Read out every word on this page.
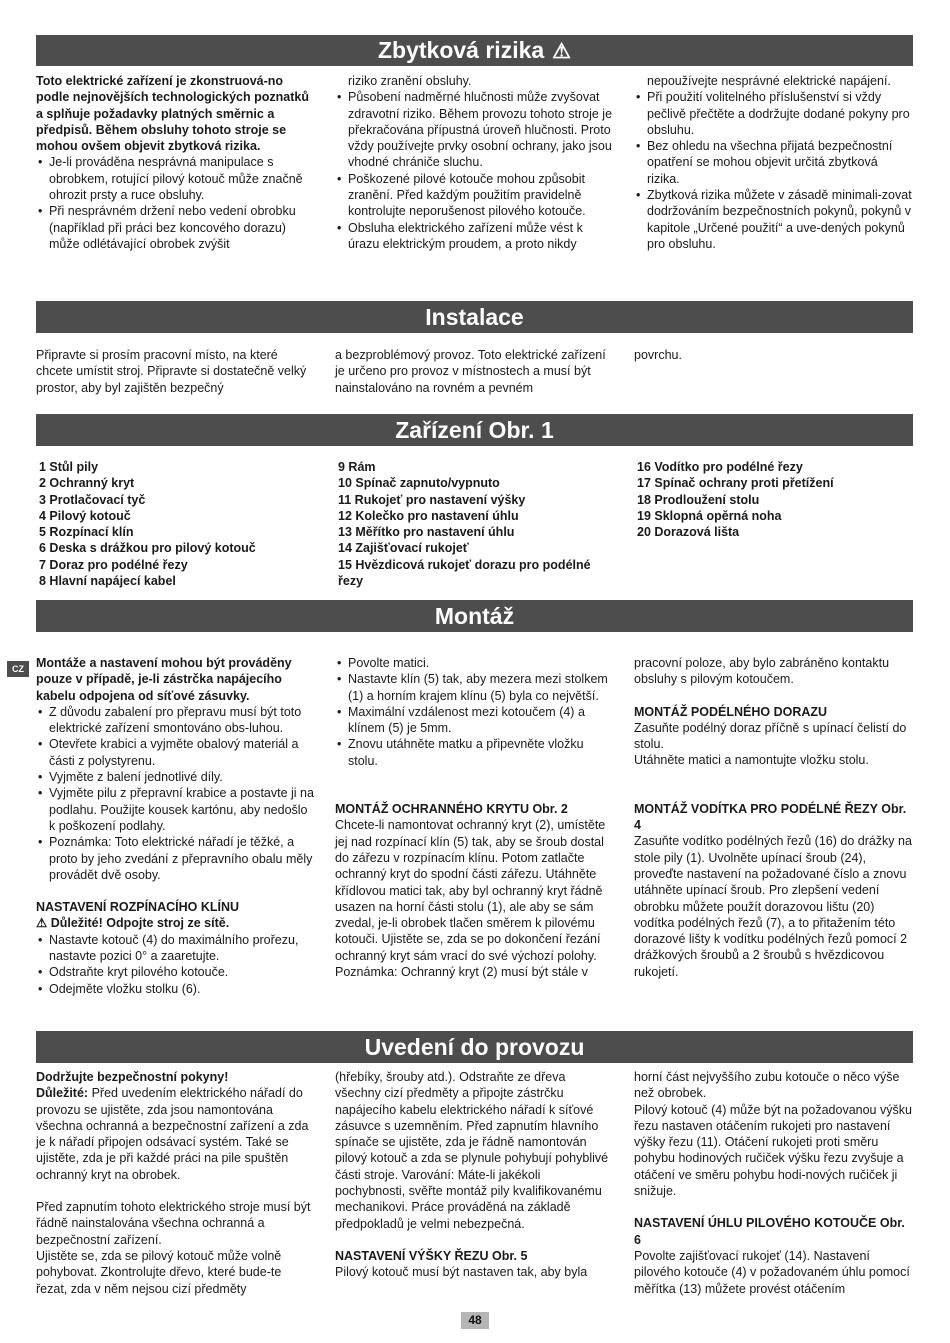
Zbytková rizika ⚠

Toto elektrické zařízení je zkonstruová-no podle nejnovějších technologických poznatků a splňuje požadavky platných směrnic a předpisů. Během obsluhy tohoto stroje se mohou ovšem objevit zbytková rizika.

• Je-li prováděna nesprávná manipulace s obrobkem, rotující pilový kotouč může značně ohrozit prsty a ruce obsluhy.
• Při nesprávném držení nebo vedení obrobku (například při práci bez koncového dorazu) může odlétávající obrobek zvýšit

riziko zranění obsluhy.

• Působení nadměrné hlučnosti může zvyšovat zdravotní riziko. Během provozu tohoto stroje je překračována přípustná úroveň hlučnosti. Proto vždy používejte prvky osobní ochrany, jako jsou vhodné chrániče sluchu.
• Poškozené pilové kotouče mohou způsobit zranění. Před každým použitím pravidelně kontrolujte neporušenost pilového kotouče.
• Obsluha elektrického zařízení může vést k úrazu elektrickým proudem, a proto nikdy

nepoužívejte nesprávné elektrické napájení.

• Při použití volitelného příslušenství si vždy pečlivě přečtěte a dodržujte dodané pokyny pro obsluhu.
• Bez ohledu na všechna přijatá bezpečnostní opatření se mohou objevit určitá zbytková rizika.
• Zbytková rizika můžete v zásadě minimali-zovat dodržováním bezpečnostních pokynů, pokynů v kapitole „Určené použití“ a uve-dených pokynů pro obsluhu.
Instalace

Připravte si prosím pracovní místo, na které chcete umístit stroj. Připravte si dostatečně velký prostor, aby byl zajištěn bezpečný

a bezproblémový provoz. Toto elektrické zařízení je určeno pro provoz v místnostech a musí být nainstalováno na rovném a pevném

povrchu.

Zařízení Obr. 1
1 Stůl pily
2 Ochranný kryt
3 Protlačovací tyč
4 Pilový kotouč
5 Rozpínací klín
6 Deska s drážkou pro pilový kotouč
7 Doraz pro podélné řezy
8 Hlavní napájecí kabel
9 Rám
10 Spínač zapnuto/vypnuto
11 Rukojeť pro nastavení výšky
12 Kolečko pro nastavení úhlu
13 Měřítko pro nastavení úhlu
14 Zajišťovací rukojeť
15 Hvězdicová rukojeť dorazu pro podélné řezy
16 Vodítko pro podélné řezy
17 Spínač ochrany proti přetížení
18 Prodloužení stolu
19 Sklopná opěrná noha
20 Dorazová lišta
Montáž
CZ Montáže a nastavení mohou být prováděny pouze v případě, je-li zástrčka napájecího kabelu odpojena od síťové zásuvky.

• Z důvodu zabalení pro přepravu musí být toto elektrické zařízení smontováno obs-luhou.
• Otevřete krabici a vyjměte obalový materiál a části z polystyrenu.
• Vyjměte z balení jednotlivé díly.
• Vyjměte pilu z přepravní krabice a postavte ji na podlahu. Použijte kousek kartónu, aby nedošlo k poškození podlahy.
• Poznámka: Toto elektrické nářadí je těžké, a proto by jeho zvedání z přepravního obalu měly provádět dvě osoby.

NASTAVENÍ ROZPÍNACÍHO KLÍNU

⚠ Důležité! Odpojte stroj ze sítě.

• Nastavte kotouč (4) do maximálního prořezu, nastavte pozici 0° a zaaretujte.
• Odstraňte kryt pilového kotouče.
• Odejměte vložku stolku (6).
• Povolte matici.
• Nastavte klín (5) tak, aby mezera mezi stolkem (1) a horním krajem klínu (5) byla co největší.
• Maximální vzdálenost mezi kotoučem (4) a klínem (5) je 5mm.
• Znovu utáhněte matku a připevněte vložku stolu.

MONTÁŽ OCHRANNÉHO KRYTU Obr. 2

Chcete-li namontovat ochranný kryt (2), umístěte jej nad rozpínací klín (5) tak, aby se šroub dostal do zářezu v rozpínacím klínu. Potom zatlačte ochranný kryt do spodní části zářezu. Utáhněte křídlovou matici tak, aby byl ochranný kryt řádně usazen na horní části stolu (1), ale aby se sám zvedal, je-li obrobek tlačen směrem k pilovému kotouči. Ujistěte se, zda se po dokončení řezání ochranný kryt sám vrací do své výchozí polohy.

Poznámka: Ochranný kryt (2) musí být stále v

pracovní poloze, aby bylo zabráněno kontaktu obsluhy s pilovým kotoučem.

MONTÁŽ PODÉLNÉHO DORAZU

Zasuňte podélný doraz příčně s upínací čelistí do stolu.

Utáhněte matici a namontujte vložku stolu.

MONTÁŽ VODÍTKA PRO PODÉLNÉ ŘEZY Obr. 4

Zasuňte vodítko podélných řezů (16) do drážky na stole pily (1). Uvolněte upínací šroub (24), proveďte nastavení na požadované číslo a znovu utáhněte upínací šroub. Pro zlepšení vedení obrobku můžete použít dorazovou lištu (20) vodítka podélných řezů (7), a to přitažením této dorazové lišty k vodítku podélných řezů pomocí 2 drážkových šroubů a 2 šroubů s hvězdicovou rukojetí.

Uvedení do provozu

Dodržujte bezpečnostní pokyny!

Důležité: Před uvedením elektrického nářadí do provozu se ujistěte, zda jsou namontována všechna ochranná a bezpečnostní zařízení a zda je k nářadí připojen odsávací systém. Také se ujistěte, zda je při každé práci na pile spuštěn ochranný kryt na obrobek.

Před zapnutím tohoto elektrického stroje musí být řádně nainstalována všechna ochranná a bezpečnostní zařízení.

Ujistěte se, zda se pilový kotouč může volně pohybovat. Zkontrolujte dřevo, které bude-te řezat, zda v něm nejsou cizí předměty

(hřebíky, šrouby atd.). Odstraňte ze dřeva všechny cizí předměty a připojte zástrčku napájecího kabelu elektrického nářadí k síťové zásuvce s uzemněním. Před zapnutím hlavního spínače se ujistěte, zda je řádně namontován pilový kotouč a zda se plynule pohybují pohyblivé části stroje. Varování: Máte-li jakékoli pochybnosti, svěřte montáž pily kvalifikovanému mechanikovi. Práce prováděná na základě předpokladů je velmi nebezpečná.

NASTAVENÍ VÝŠKY ŘEZU Obr. 5

Pilový kotouč musí být nastaven tak, aby byla

horní část nejvyššího zubu kotouče o něco výše než obrobek.

Pilový kotouč (4) může být na požadovanou výšku řezu nastaven otáčením rukojeti pro nastavení výšky řezu (11). Otáčení rukojeti proti směru pohybu hodinových ručiček výšku řezu zvyšuje a otáčení ve směru pohybu hodi-nových ručiček ji snižuje.

NASTAVENÍ ÚHLU PILOVÉHO KOTOUČE Obr. 6

Povolte zajišťovací rukojeť (14). Nastavení pilového kotouče (4) v požadovaném úhlu pomocí měřítka (13) můžete provést otáčením

48
